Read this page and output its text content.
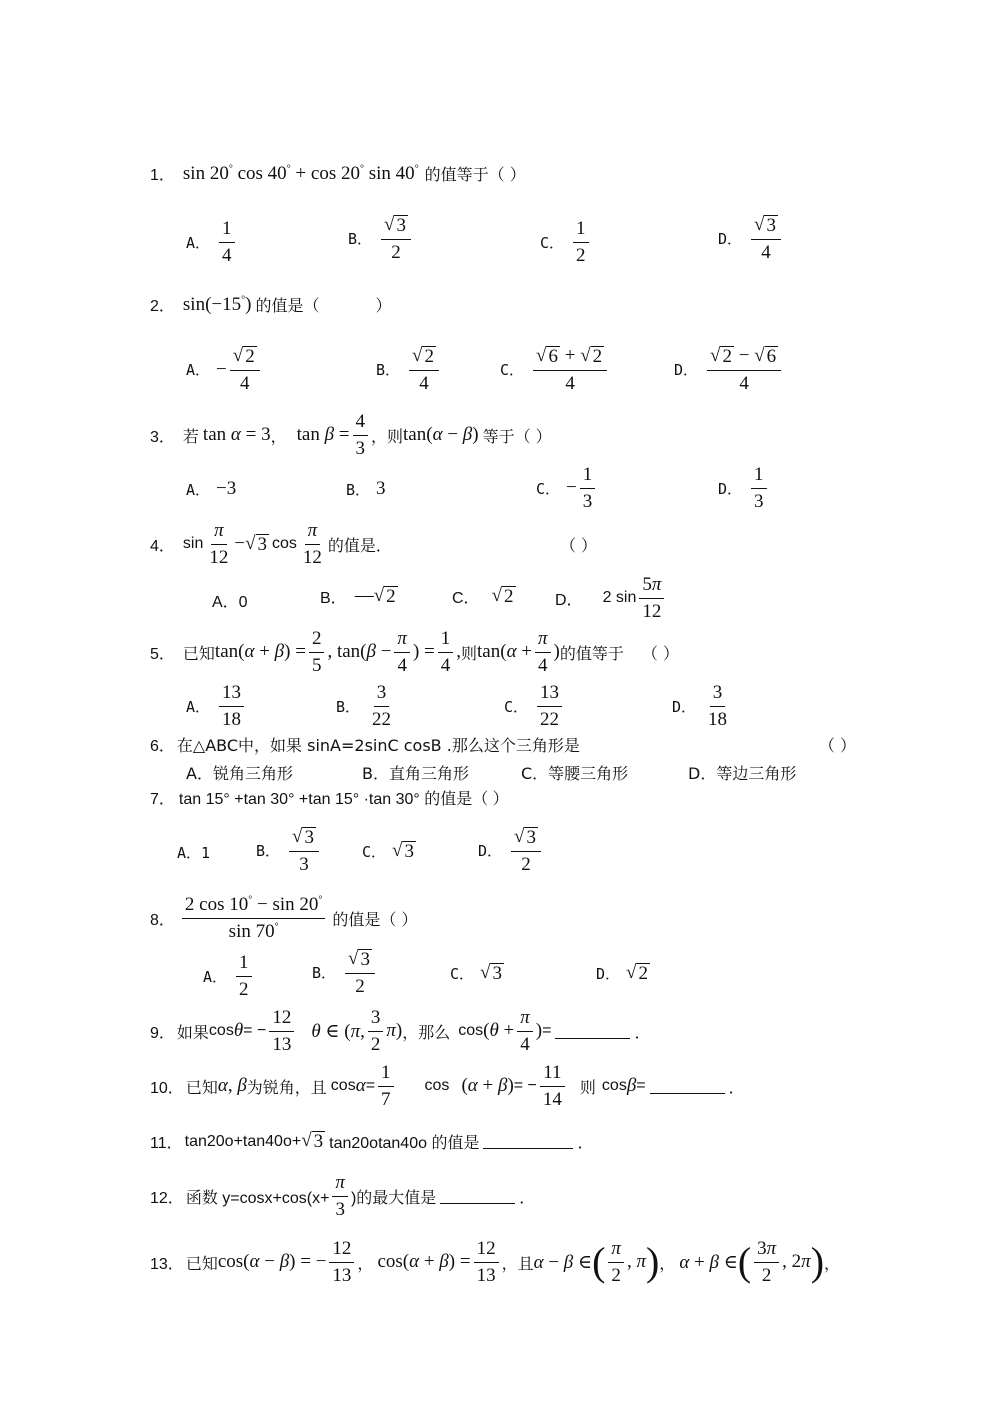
1． sin 20° cos 40° + cos 20° sin 40° 的值等于（ ）
A． $\frac{1}{4}$	B． $\frac{√ 3}{2}$	C． $\frac{1}{2}$	D． $\frac{√ 3}{4}$
2． sin(−15°) 的值是（	）
A． − $\frac{√ 2}{4}$	B． $\frac{√ 2}{4}$	C． $\frac{√ 6 + √ 2}{4}$	D． $\frac{√ 2 - √ 6}{4}$
3． 若 tan α = 3 ， $\tan \beta = \frac{4}{3}$ ，则 tan(α − β) 等于（ ）
A． −3	B． 3	C． − $\frac{1}{3}$	D． $\frac{1}{3}$
4． $\sin \frac{\pi}{12}$ − √ 3 $\cos \frac{\pi}{12}$ 的值是．	（ ）
A．0	B． — √ 2	C． √ 2	D． 2 $\sin \frac{5\pi}{12}$
5． 已知 $\tan(\alpha + \beta) = \frac{2}{5}$ , $\tan(\beta - \frac{\pi}{4}$ ) = $\frac{1}{4}$ , 则 $\tan(\alpha + \frac{\pi}{4}$ ) 的值等于 （ ）
A． $\frac{13}{18}$	B． $\frac{3}{22}$	C． $\frac{13}{22}$	D． $\frac{3}{18}$
6． 在△ABC中，如果 sinA=2sinC cosB .那么这个三角形是	（ ）
A．锐角三角形	B．直角三角形	C．等腰三角形	D．等边三角形
7． tan 15° +tan 30° +tan 15° ·tan 30° 的值是（ ）
A．1	B． $\frac{√ 3}{3}$	C． √ 3	D． $\frac{√ 3}{2}$
8． $\frac{2 \cos 10^\circ - \sin 20^\circ}{\sin 70^\circ}$ 的值是（ ）
A． $\frac{1}{2}$	B． $\frac{√ 3}{2}$	C． √ 3	D． √ 2
9． 如果 cos θ = − $\frac{12}{13}$ θ ∈ (π, $\frac{3}{2} \pi$) ，那么 $\cos (\theta + \frac{\pi}{4}$ ) =	．
10． 已知 α, β 为锐角，且 $\cos \alpha = \frac{1}{7}$ cos (α + β) = − $\frac{11}{14}$ 则 cos β =	．
11． tan20o+tan40o+ √ 3 tan20otan40o 的值是	．
12． 函数 $y=\cos x+\cos(x+ \frac{\pi}{3}$ )的最大值是	．
13． 已知 cos(α − β) = − $\frac{12}{13}$ ， $\cos(\alpha + \beta) = \frac{12}{13}$ ，且 α − β ∈ ( $\frac{\pi}{2}$ , π ) ， α + β ∈ ( $\frac{3\pi}{2}$ , 2π ) ，
